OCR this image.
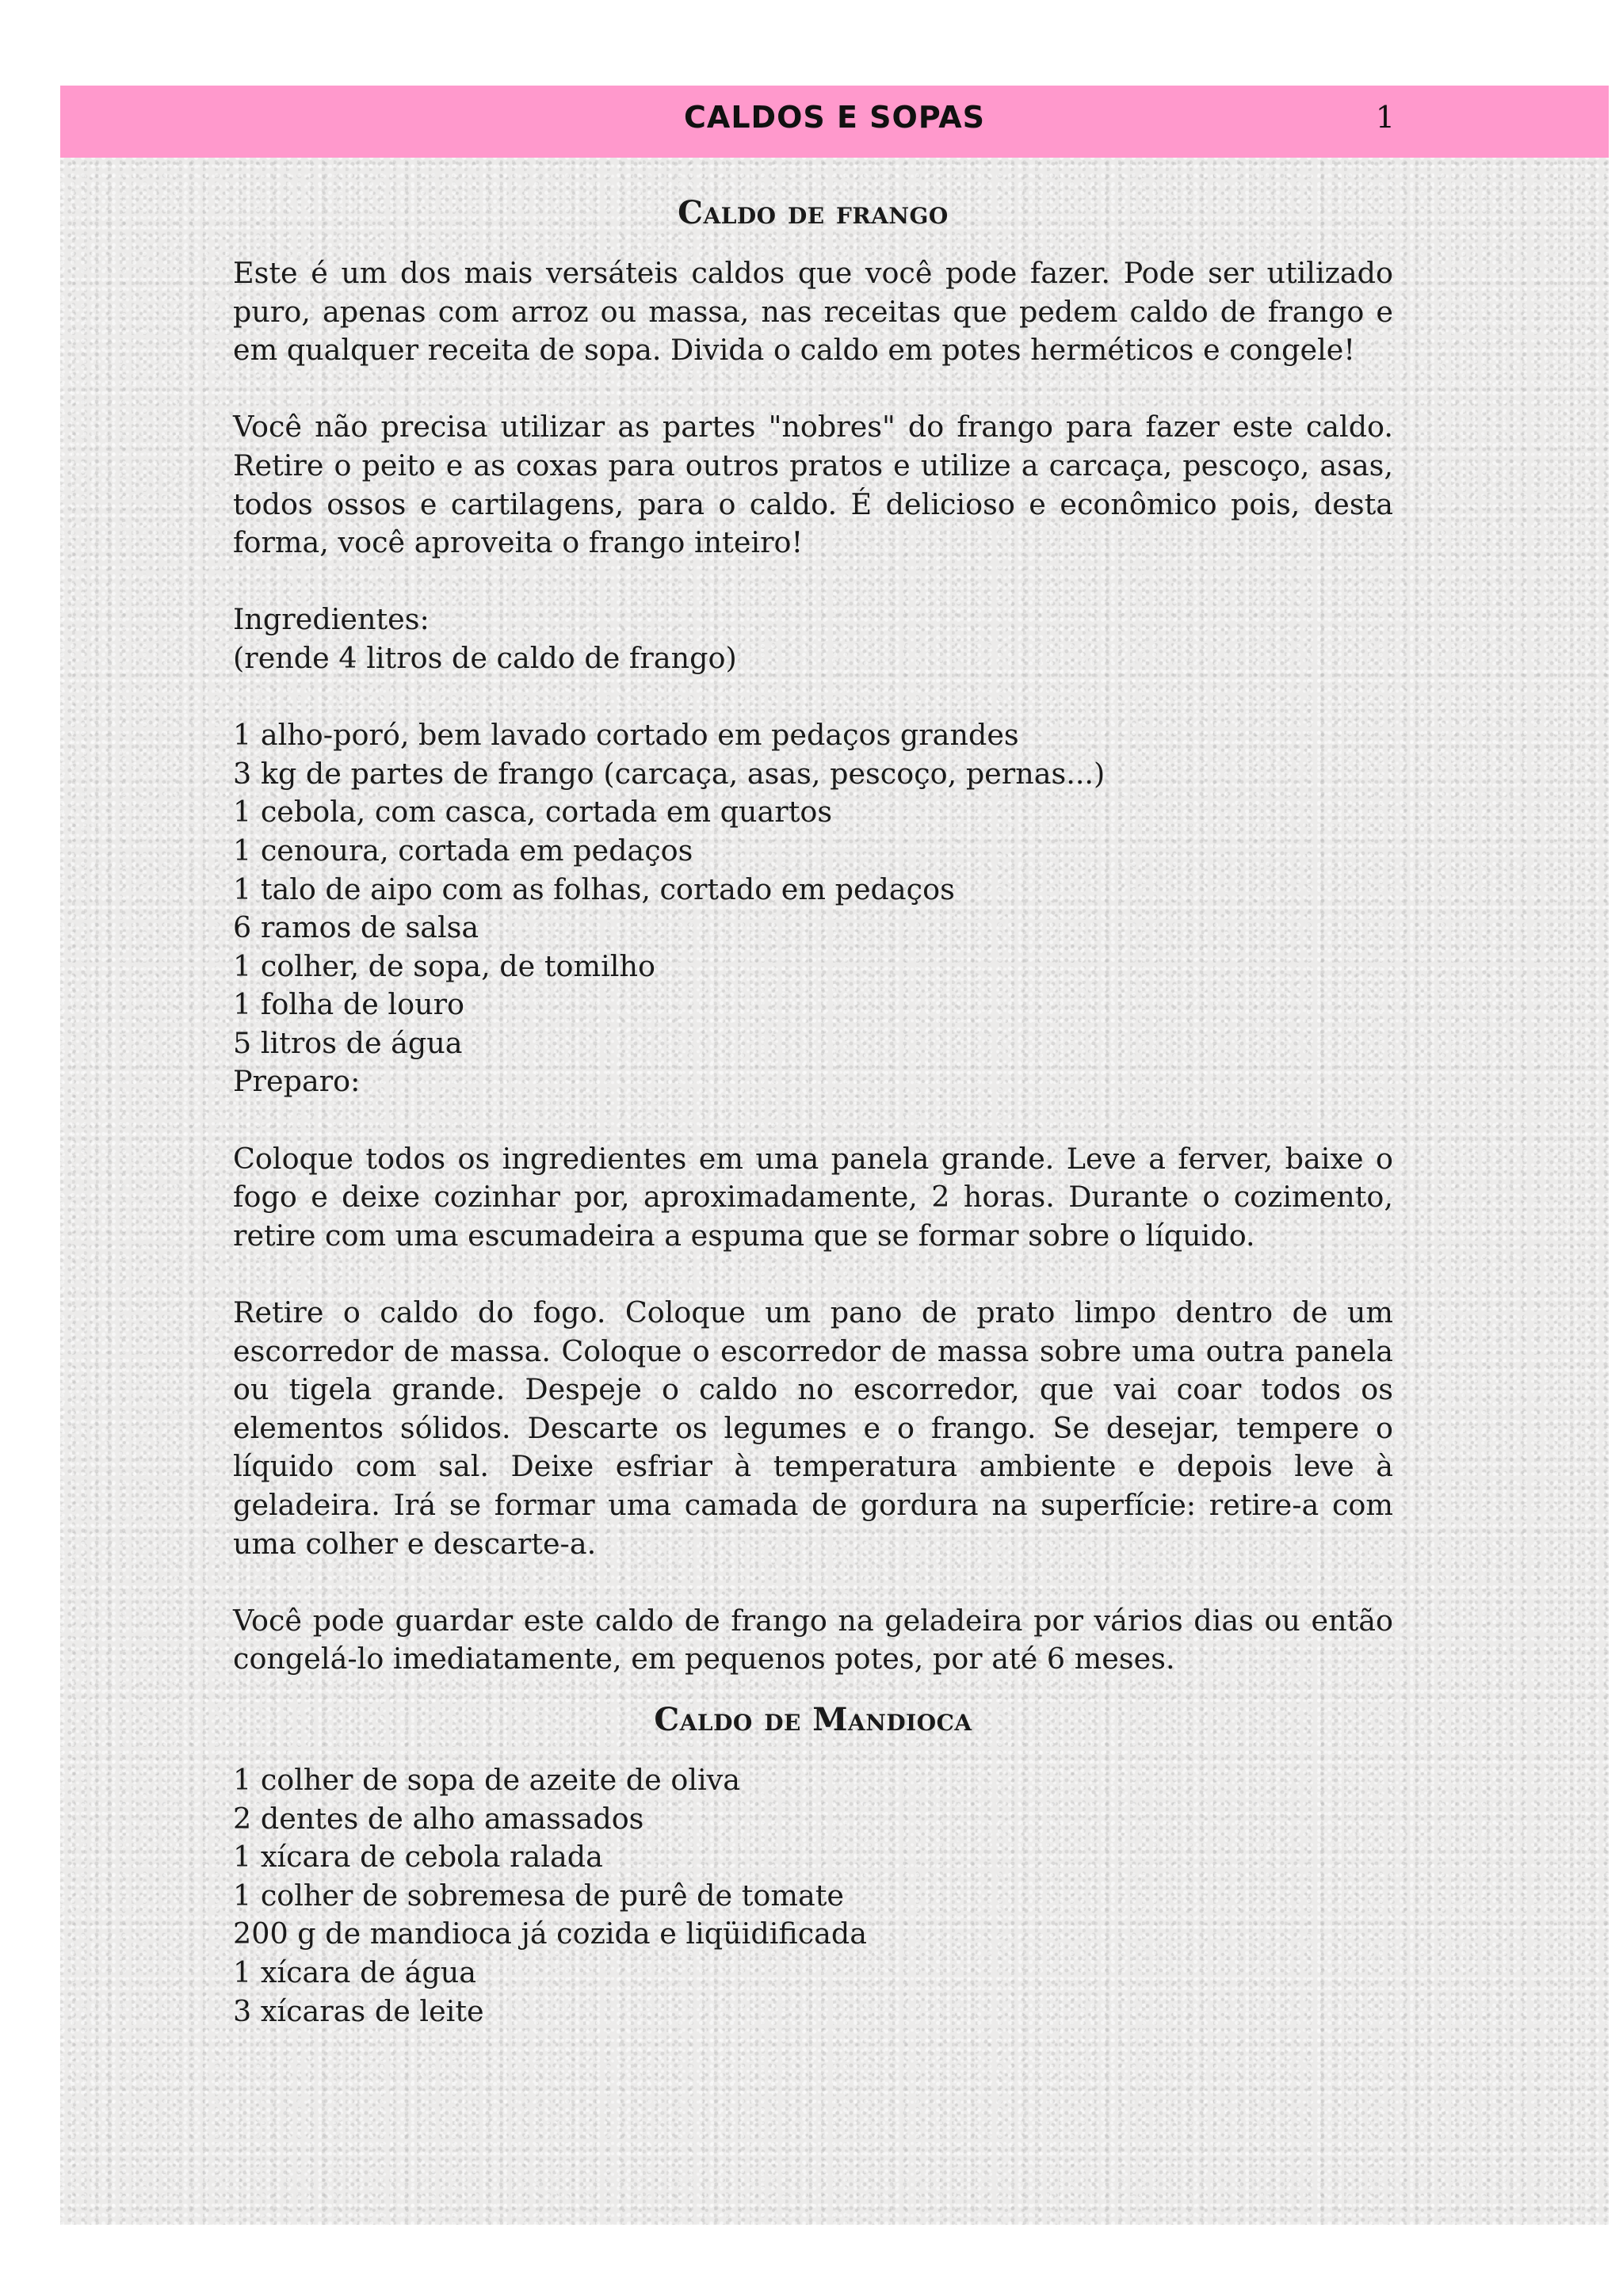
CALDOS E SOPAS	1
Caldo de frango

Este é um dos mais versáteis caldos que você pode fazer. Pode ser utilizado puro, apenas com arroz ou massa, nas receitas que pedem caldo de frango e em qualquer receita de sopa. Divida o caldo em potes herméticos e congele!

Você não precisa utilizar as partes "nobres" do frango para fazer este caldo. Retire o peito e as coxas para outros pratos e utilize a carcaça, pescoço, asas, todos ossos e cartilagens, para o caldo. É delicioso e econômico pois, desta forma, você aproveita o frango inteiro!

Ingredientes:

(rende 4 litros de caldo de frango)

1 alho-poró, bem lavado cortado em pedaços grandes

3 kg de partes de frango (carcaça, asas, pescoço, pernas...)

1 cebola, com casca, cortada em quartos

1 cenoura, cortada em pedaços

1 talo de aipo com as folhas, cortado em pedaços

6 ramos de salsa

1 colher, de sopa, de tomilho

1 folha de louro

5 litros de água

Preparo:

Coloque todos os ingredientes em uma panela grande. Leve a ferver, baixe o fogo e deixe cozinhar por, aproximadamente, 2 horas. Durante o cozimento, retire com uma escumadeira a espuma que se formar sobre o líquido.

Retire o caldo do fogo. Coloque um pano de prato limpo dentro de um escorredor de massa. Coloque o escorredor de massa sobre uma outra panela ou tigela grande. Despeje o caldo no escorredor, que vai coar todos os elementos sólidos. Descarte os legumes e o frango. Se desejar, tempere o líquido com sal. Deixe esfriar à temperatura ambiente e depois leve à geladeira. Irá se formar uma camada de gordura na superfície: retire-a com uma colher e descarte-a.

Você pode guardar este caldo de frango na geladeira por vários dias ou então congelá-lo imediatamente, em pequenos potes, por até 6 meses.

Caldo de Mandioca

1 colher de sopa de azeite de oliva

2 dentes de alho amassados

1 xícara de cebola ralada

1 colher de sobremesa de purê de tomate

200 g de mandioca já cozida e liqüidificada

1 xícara de água

3 xícaras de leite
